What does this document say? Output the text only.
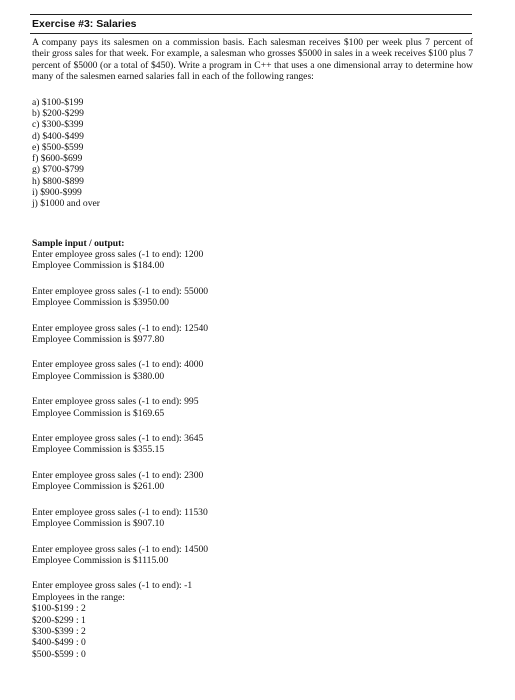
Exercise #3: Salaries

A company pays its salesmen on a commission basis. Each salesman receives $100 per week plus 7 percent of their gross sales for that week. For example, a salesman who grosses $5000 in sales in a week receives $100 plus 7 percent of $5000 (or a total of $450). Write a program in C++ that uses a one dimensional array to determine how many of the salesmen earned salaries fall in each of the following ranges:

a) $100-$199
b) $200-$299
c) $300-$399
d) $400-$499
e) $500-$599
f) $600-$699
g) $700-$799
h) $800-$899
i) $900-$999
j) $1000 and over
Sample input / output:
Enter employee gross sales (-1 to end): 1200
Employee Commission is $184.00
Enter employee gross sales (-1 to end): 55000
Employee Commission is $3950.00
Enter employee gross sales (-1 to end): 12540
Employee Commission is $977.80
Enter employee gross sales (-1 to end): 4000
Employee Commission is $380.00
Enter employee gross sales (-1 to end): 995
Employee Commission is $169.65
Enter employee gross sales (-1 to end): 3645
Employee Commission is $355.15
Enter employee gross sales (-1 to end): 2300
Employee Commission is $261.00
Enter employee gross sales (-1 to end): 11530
Employee Commission is $907.10
Enter employee gross sales (-1 to end): 14500
Employee Commission is $1115.00
Enter employee gross sales (-1 to end): -1
Employees in the range:
$100-$199 : 2
$200-$299 : 1
$300-$399 : 2
$400-$499 : 0
$500-$599 : 0
